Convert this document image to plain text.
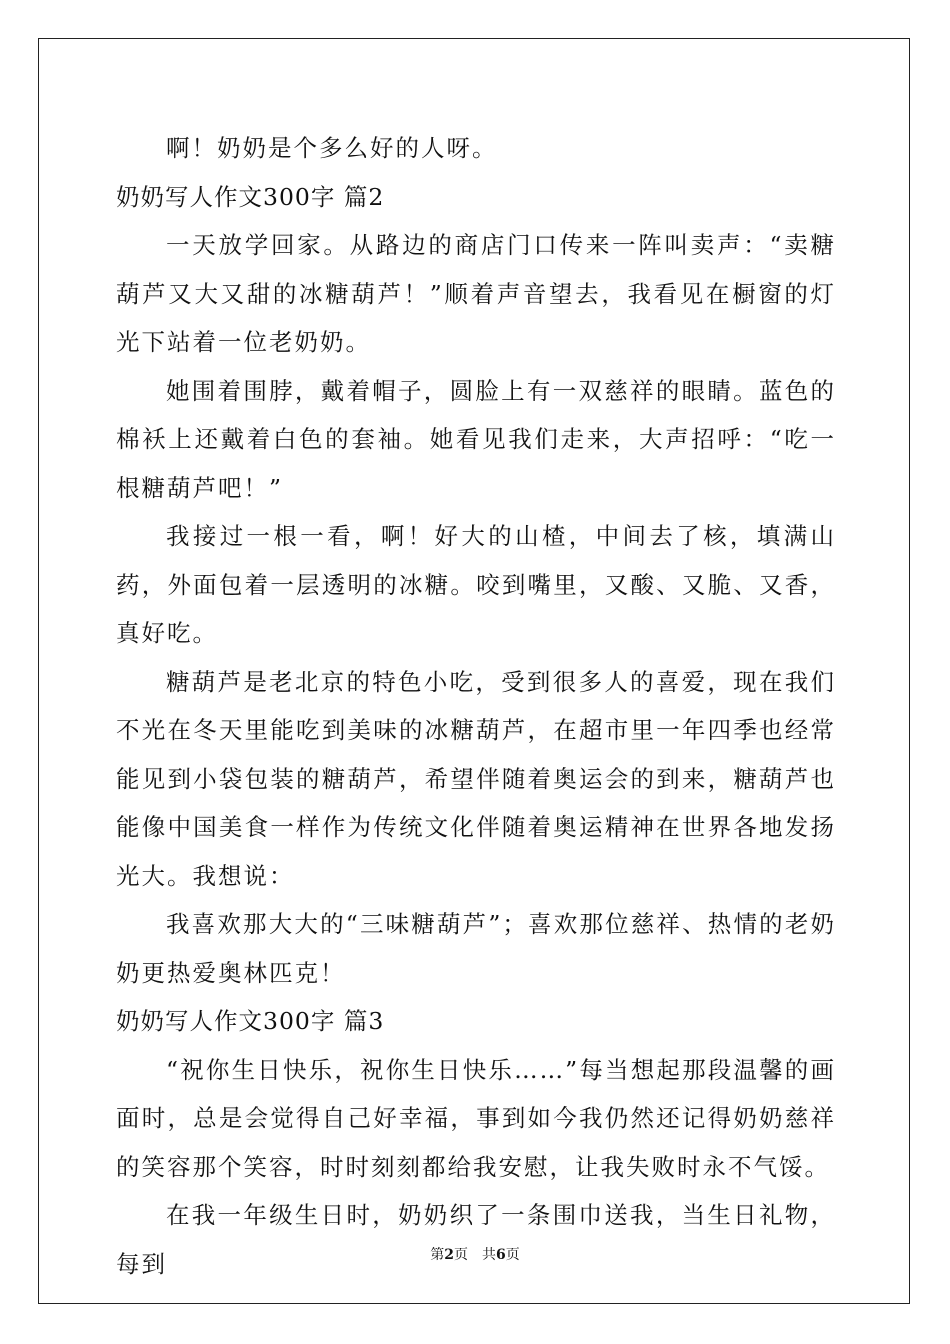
啊！奶奶是个多么好的人呀。

奶奶写人作文300字 篇2

一天放学回家。从路边的商店门口传来一阵叫卖声：“卖糖葫芦又大又甜的冰糖葫芦！”顺着声音望去，我看见在橱窗的灯光下站着一位老奶奶。

她围着围脖，戴着帽子，圆脸上有一双慈祥的眼睛。蓝色的棉袄上还戴着白色的套袖。她看见我们走来，大声招呼：“吃一根糖葫芦吧！”

我接过一根一看，啊！好大的山楂，中间去了核，填满山药，外面包着一层透明的冰糖。咬到嘴里，又酸、又脆、又香，真好吃。

糖葫芦是老北京的特色小吃，受到很多人的喜爱，现在我们不光在冬天里能吃到美味的冰糖葫芦，在超市里一年四季也经常能见到小袋包装的糖葫芦，希望伴随着奥运会的到来，糖葫芦也能像中国美食一样作为传统文化伴随着奥运精神在世界各地发扬光大。我想说：

我喜欢那大大的“三味糖葫芦”；喜欢那位慈祥、热情的老奶奶更热爱奥林匹克！

奶奶写人作文300字 篇3

“祝你生日快乐，祝你生日快乐……”每当想起那段温馨的画面时，总是会觉得自己好幸福，事到如今我仍然还记得奶奶慈祥的笑容那个笑容，时时刻刻都给我安慰，让我失败时永不气馁。

在我一年级生日时，奶奶织了一条围巾送我，当生日礼物，每到	第2页　共6页
